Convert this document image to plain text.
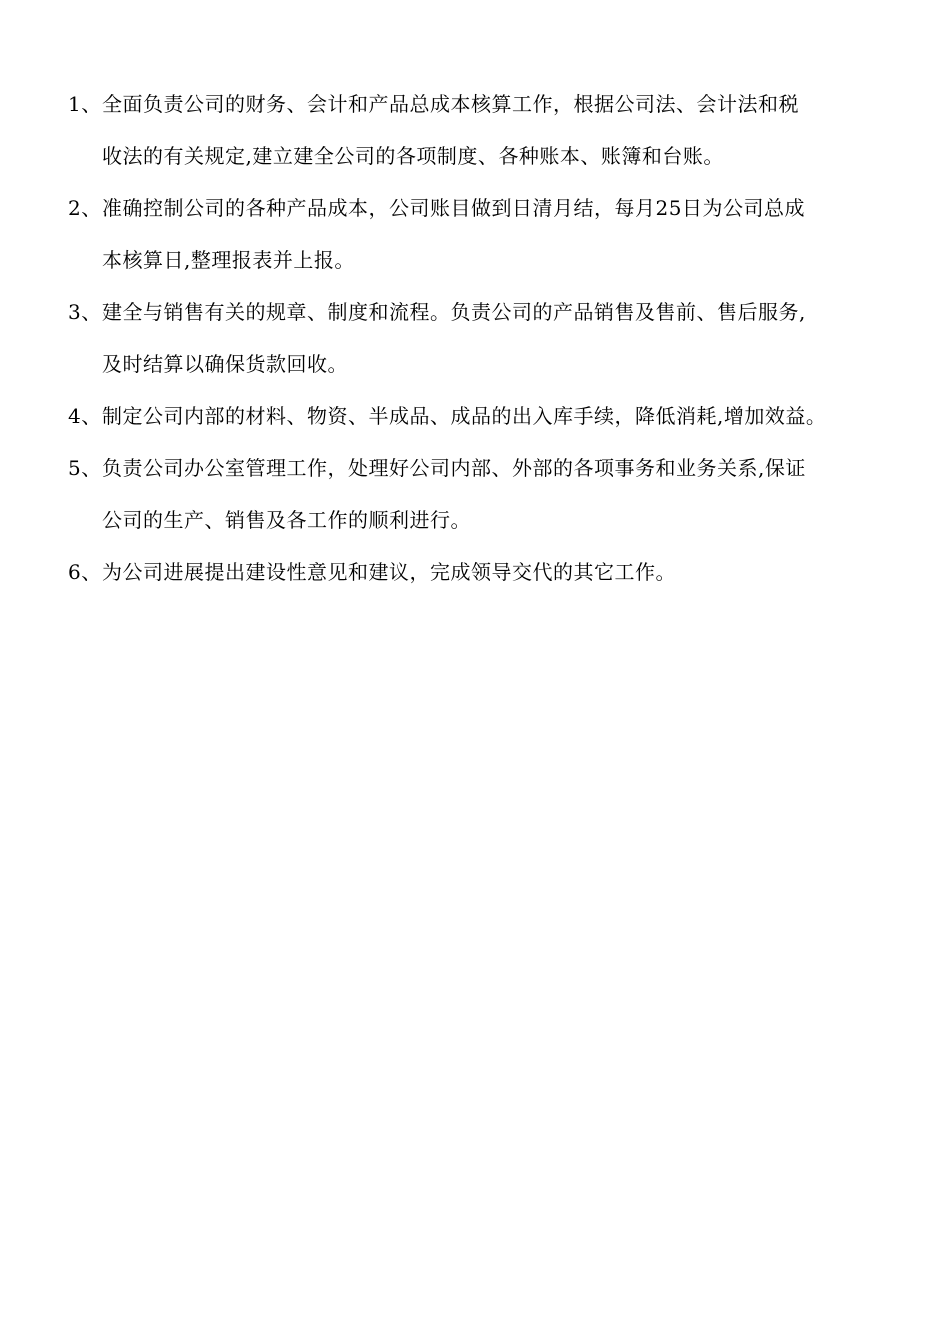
1、 全面负责公司的财务、会计和产品总成本核算工作，根据公司法、会计法和税
收法的有关规定,建立建全公司的各项制度、各种账本、账簿和台账。
2、 准确控制公司的各种产品成本，公司账目做到日清月结，每月25日为公司总成
本核算日,整理报表并上报。
3、 建全与销售有关的规章、制度和流程。负责公司的产品销售及售前、售后服务,
及时结算以确保货款回收。
4、 制定公司内部的材料、物资、半成品、成品的出入库手续，降低消耗,增加效益。
5、 负责公司办公室管理工作，处理好公司内部、外部的各项事务和业务关系,保证
公司的生产、销售及各工作的顺利进行。
6、 为公司进展提出建设性意见和建议，完成领导交代的其它工作。
